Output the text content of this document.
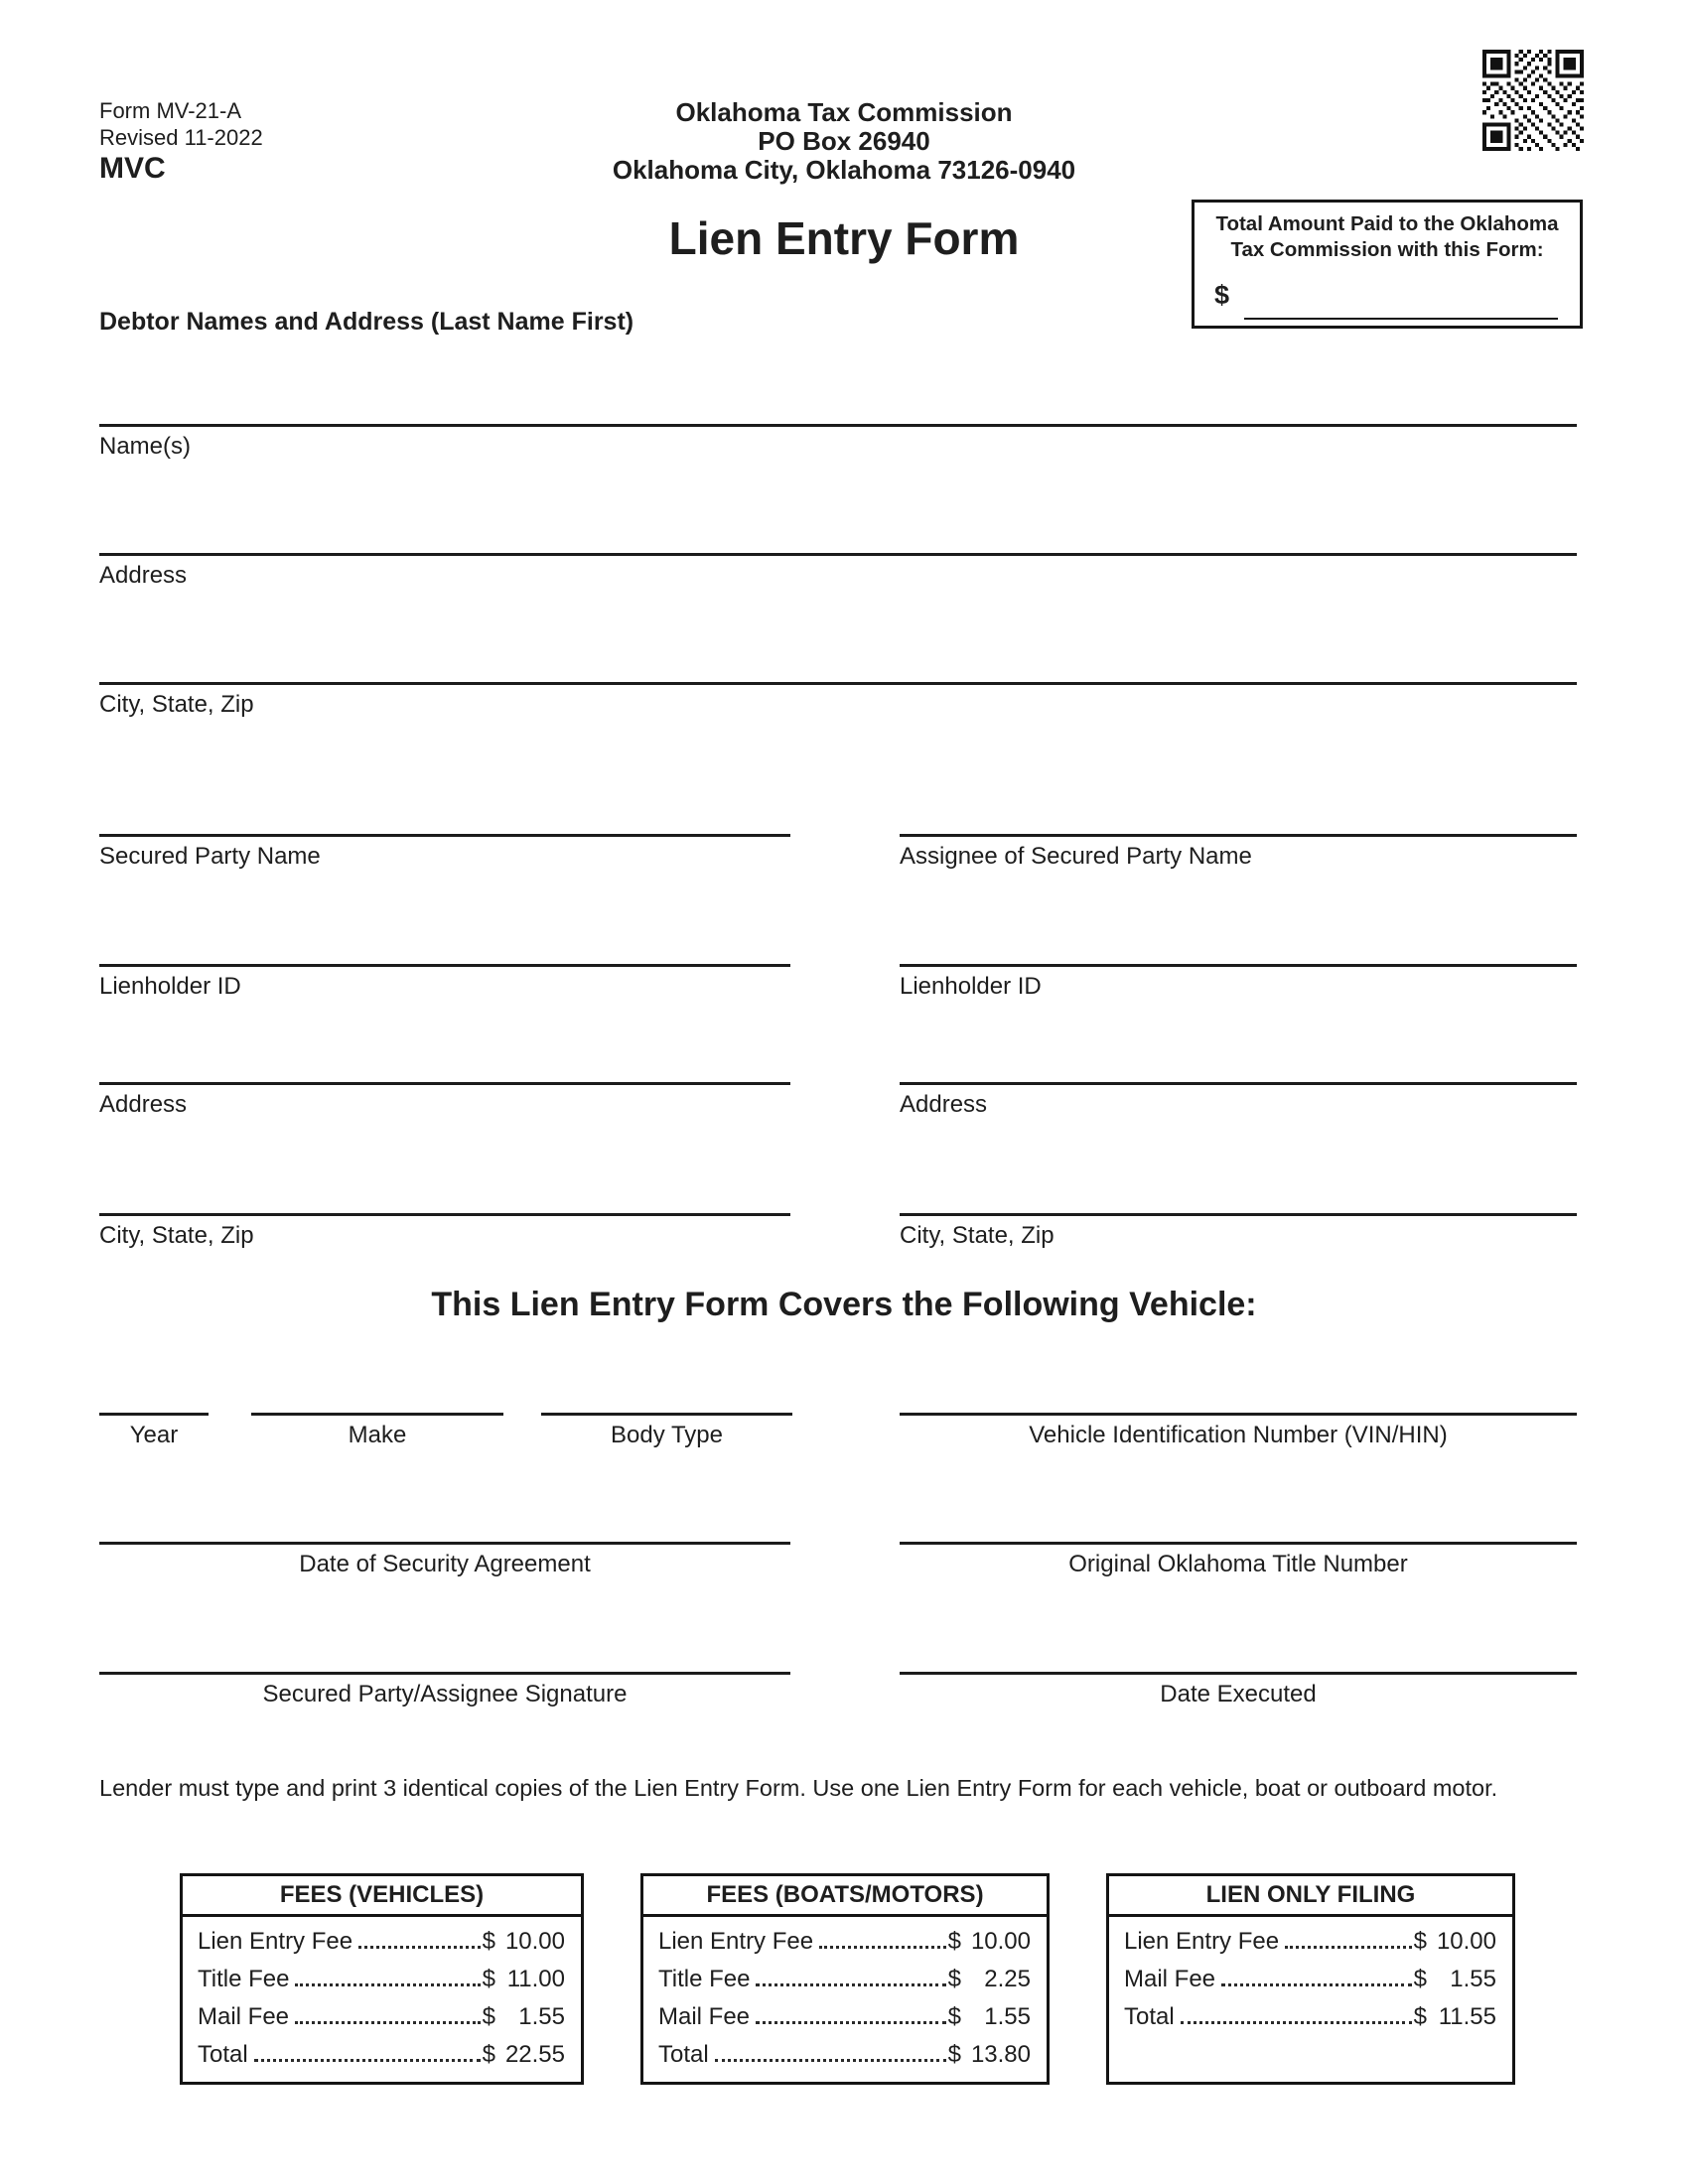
Form MV-21-A
Revised 11-2022
MVC
Oklahoma Tax Commission
PO Box 26940
Oklahoma City, Oklahoma 73126-0940
Lien Entry Form	Total Amount Paid to the Oklahoma
Tax Commission with this Form:
$
Debtor Names and Address (Last Name First)
Name(s)
Address
City, State, Zip
Secured Party Name
Lienholder ID
Address
City, State, Zip
Assignee of Secured Party Name
Lienholder ID
Address
City, State, Zip
This Lien Entry Form Covers the Following Vehicle:
Year	Make	Body Type	Vehicle Identification Number (VIN/HIN)
Date of Security Agreement	Original Oklahoma Title Number
Secured Party/Assignee Signature	Date Executed
Lender must type and print 3 identical copies of the Lien Entry Form. Use one Lien Entry Form for each vehicle, boat or outboard motor.
FEES (VEHICLES)
Lien Entry Fee	$ 10.00
Title Fee	$ 11.00
Mail Fee	$ 1.55
Total	$ 22.55
FEES (BOATS/MOTORS)
Lien Entry Fee	$ 10.00
Title Fee	$ 2.25
Mail Fee	$ 1.55
Total	$ 13.80
LIEN ONLY FILING
Lien Entry Fee	$ 10.00
Mail Fee	$ 1.55
Total	$ 11.55
